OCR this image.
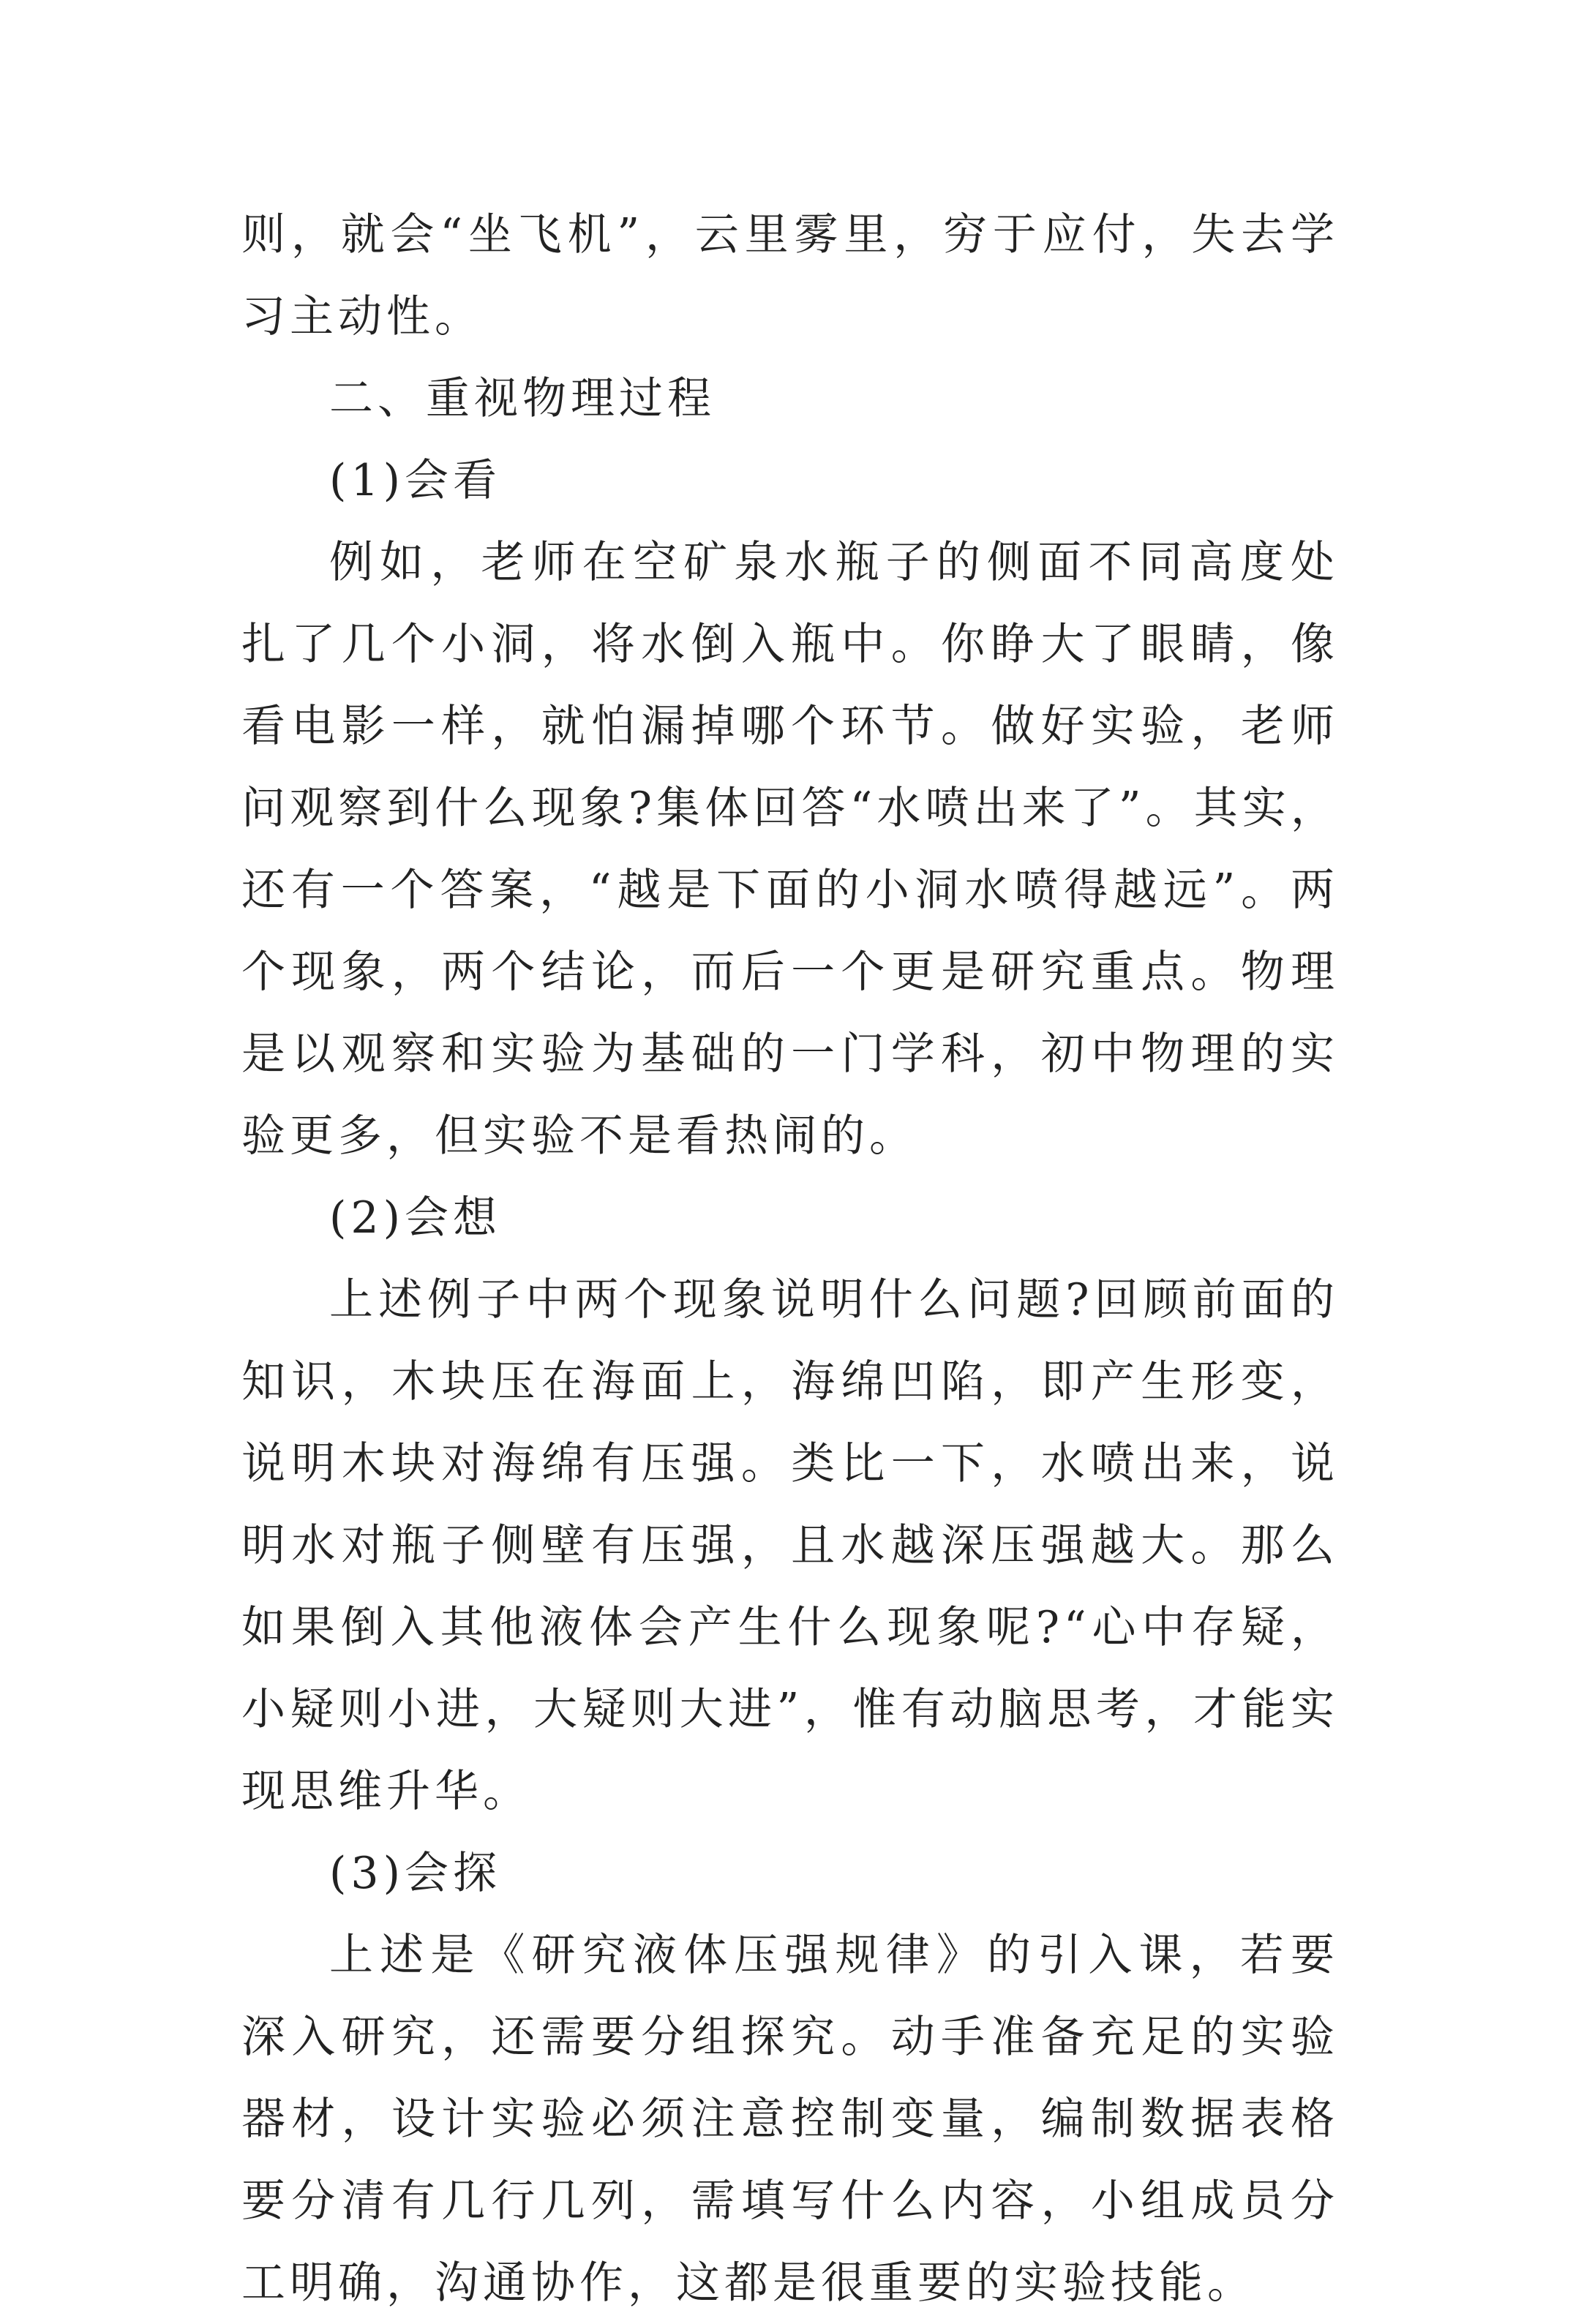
则，就会“坐飞机”，云里雾里，穷于应付，失去学习主动性。

二、重视物理过程

(1)会看

例如，老师在空矿泉水瓶子的侧面不同高度处扎了几个小洞，将水倒入瓶中。你睁大了眼睛，像看电影一样，就怕漏掉哪个环节。做好实验，老师问观察到什么现象?集体回答“水喷出来了”。其实，还有一个答案，“越是下面的小洞水喷得越远”。两个现象，两个结论，而后一个更是研究重点。物理是以观察和实验为基础的一门学科，初中物理的实验更多，但实验不是看热闹的。

(2)会想

上述例子中两个现象说明什么问题?回顾前面的知识，木块压在海面上，海绵凹陷，即产生形变，说明木块对海绵有压强。类比一下，水喷出来，说明水对瓶子侧壁有压强，且水越深压强越大。那么如果倒入其他液体会产生什么现象呢?“心中存疑，小疑则小进，大疑则大进”，惟有动脑思考，才能实现思维升华。

(3)会探

上述是《研究液体压强规律》的引入课，若要深入研究，还需要分组探究。动手准备充足的实验器材，设计实验必须注意控制变量，编制数据表格要分清有几行几列，需填写什么内容，小组成员分工明确，沟通协作，这都是很重要的实验技能。
